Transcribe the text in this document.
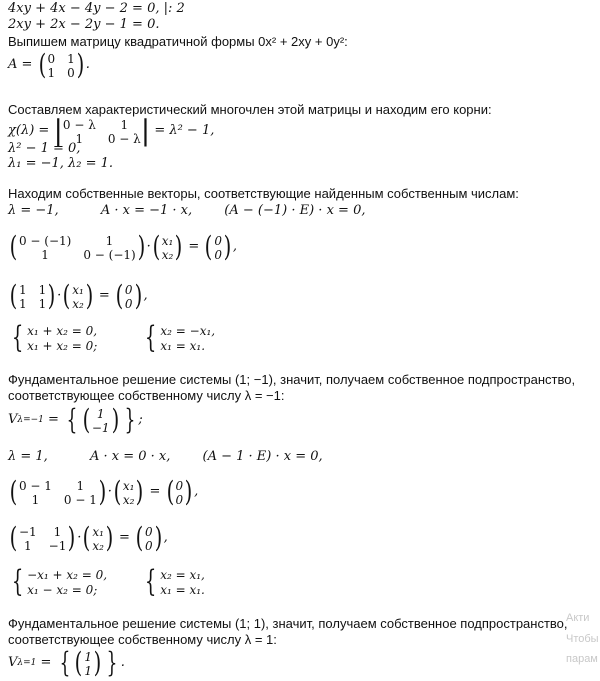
4xy + 4x − 4y − 2 = 0, |: 2
2xy + 2x − 2y − 1 = 0.
Выпишем матрицу квадратичной формы 0x² + 2xy + 0y²:
A =
( 0 1
1 0 ) .
Составляем характеристический многочлен этой матрицы и находим его корни:
χ(λ) =
| 0 − λ	1
1	0 − λ |
= λ² − 1,
λ² − 1 = 0,
λ₁ = −1, λ₂ = 1.
Находим собственные векторы, соответствующие найденным собственным числам:
λ = −1,	A · x = −1 · x, (A − (−1) · E) · x = 0,
( 0 − (−1)	1
1	0 − (−1) ) · ( x₁
x₂ )
=
( 0
0 ) ,
( 1 1
1 1 ) · ( x₁
x₂ )
=
( 0
0 ) ,
{ x₁ + x₂ = 0,
x₁ + x₂ = 0; { x₂ = −x₁,
x₁ = x₁.
Фундаментальное решение системы (1; −1), значит, получаем собственное подпространство,
соответствующее собственному числу λ = −1:
V λ=−1
=
{ ( 1
−1 ) } ;
λ = 1,	A · x = 0 · x, (A − 1 · E) · x = 0,
( 0 − 1	1
1	0 − 1 ) · ( x₁
x₂ )
=
( 0
0 ) ,
( −1	1
1	−1 ) · ( x₁
x₂ )
=
( 0
0 ) ,
{ −x₁ + x₂ = 0,
x₁ − x₂ = 0;	{ x₂ = x₁,
x₁ = x₁.
Фундаментальное решение системы (1; 1), значит, получаем собственное подпространство,
соответствующее собственному числу λ = 1:
V λ=1
=
{ ( 1
1 ) } .
Акти
Чтобы
парам
